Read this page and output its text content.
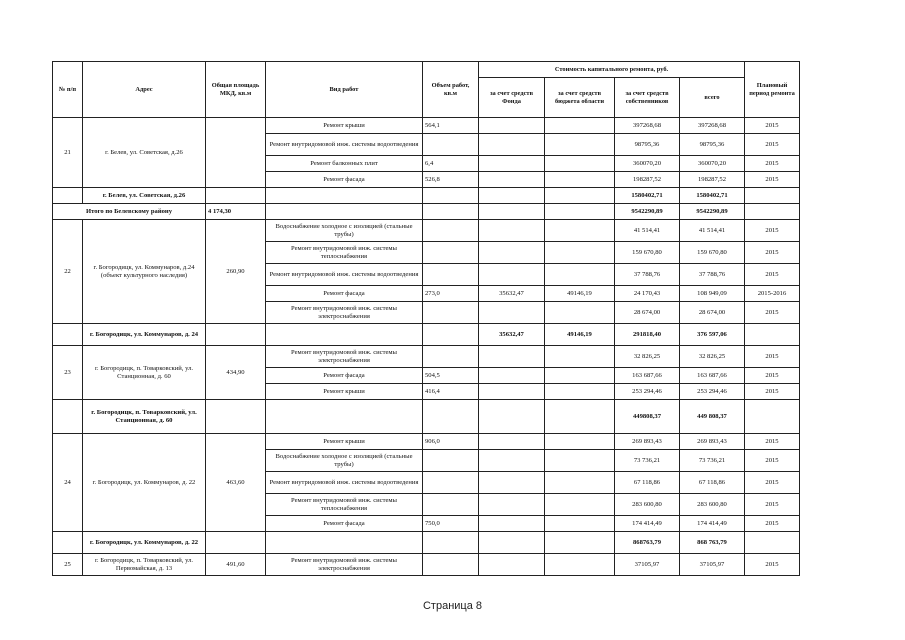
№ п/п	Адрес	Общая площадь МКД, кв.м	Вид работ	Объем работ, кв.м	Стоимость капитального ремонта, руб.				Плановый период ремонта
					за счет средств Фонда	за счет средств бюджета области	за счет средств собственников	всего	
21	г. Белев, ул. Советская, д.26		Ремонт крыши	564,1			397268,68	397268,68	2015
			Ремонт внутридомовой инж. системы водоотведения				98795,36	98795,36	2015
			Ремонт балконных плит	6,4			360070,20	360070,20	2015
			Ремонт фасада	526,8			198287,52	198287,52	2015
	г. Белев, ул. Советская, д.26						1580402,71	1580402,71	
Итого по Белевскому району		4 174,30					9542290,89	9542290,89	
22	г. Богородицк, ул. Коммунаров, д.24 (объект культурного наследия)	260,90	Водоснабжение холодное с изоляцией (стальные трубы)				41 514,41	41 514,41	2015
			Ремонт внутридомовой инж. системы теплоснабжения				159 670,80	159 670,80	2015
			Ремонт внутридомовой инж. системы водоотведения				37 788,76	37 788,76	2015
			Ремонт фасада	273,0	35632,47	49146,19	24 170,43	108 949,09	2015-2016
			Ремонт внутридомовой инж. системы электроснабжения				28 674,00	28 674,00	2015
	г. Богородицк, ул. Коммунаров, д. 24				35632,47	49146,19	291818,40	376 597,06	
23	г. Богородицк, п. Товарковский, ул. Станционная, д. 60	434,90	Ремонт внутридомовой инж. системы электроснабжения				32 826,25	32 826,25	2015
			Ремонт фасада	504,5			163 687,66	163 687,66	2015
			Ремонт крыши	416,4			253 294,46	253 294,46	2015
	г. Богородицк, п. Товарковский, ул. Станционная, д. 60						449808,37	449 808,37	
24	г. Богородицк, ул. Коммунаров, д. 22	463,60	Ремонт крыши	906,0			269 893,43	269 893,43	2015
			Водоснабжение холодное с изоляцией (стальные трубы)				73 736,21	73 736,21	2015
			Ремонт внутридомовой инж. системы водоотведения				67 118,86	67 118,86	2015
			Ремонт внутридомовой инж. системы теплоснабжения				283 600,80	283 600,80	2015
			Ремонт фасада	750,0			174 414,49	174 414,49	2015
	г. Богородицк, ул. Коммунаров, д. 22						868763,79	868 763,79	
25	г. Богородицк, п. Товарковский, ул. Первомайская, д. 13	491,60	Ремонт внутридомовой инж. системы электроснабжения				37105,97	37105,97	2015
Страница 8
